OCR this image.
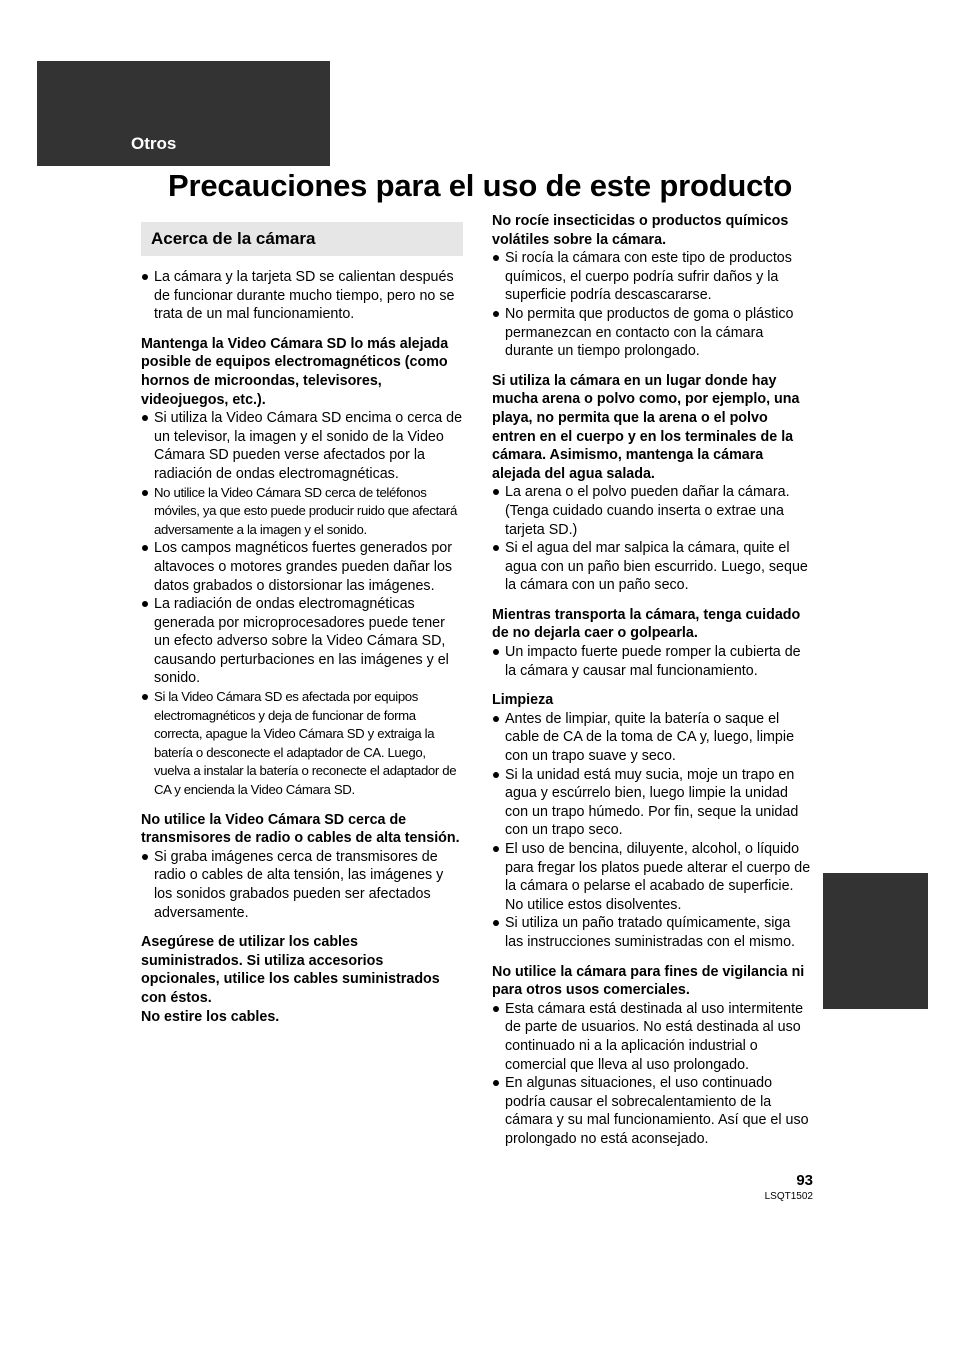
Otros
Precauciones para el uso de este producto
Acerca de la cámara
La cámara y la tarjeta SD se calientan después de funcionar durante mucho tiempo, pero no se trata de un mal funcionamiento.

Mantenga la Video Cámara SD lo más alejada posible de equipos electromagnéticos (como hornos de microondas, televisores, videojuegos, etc.).

Si utiliza la Video Cámara SD encima o cerca de un televisor, la imagen y el sonido de la Video Cámara SD pueden verse afectados por la radiación de ondas electromagnéticas.
No utilice la Video Cámara SD cerca de teléfonos móviles, ya que esto puede producir ruido que afectará adversamente a la imagen y el sonido.
Los campos magnéticos fuertes generados por altavoces o motores grandes pueden dañar los datos grabados o distorsionar las imágenes.
La radiación de ondas electromagnéticas generada por microprocesadores puede tener un efecto adverso sobre la Video Cámara SD, causando perturbaciones en las imágenes y el sonido.
Si la Video Cámara SD es afectada por equipos electromagnéticos y deja de funcionar de forma correcta, apague la Video Cámara SD y extraiga la batería o desconecte el adaptador de CA. Luego, vuelva a instalar la batería o reconecte el adaptador de CA y encienda la Video Cámara SD.

No utilice la Video Cámara SD cerca de transmisores de radio o cables de alta tensión.

Si graba imágenes cerca de transmisores de radio o cables de alta tensión, las imágenes y los sonidos grabados pueden ser afectados adversamente.

Asegúrese de utilizar los cables suministrados. Si utiliza accesorios opcionales, utilice los cables suministrados con éstos.

No estire los cables.

No rocíe insecticidas o productos químicos volátiles sobre la cámara.

Si rocía la cámara con este tipo de productos químicos, el cuerpo podría sufrir daños y la superficie podría descascararse.
No permita que productos de goma o plástico permanezcan en contacto con la cámara durante un tiempo prolongado.

Si utiliza la cámara en un lugar donde hay mucha arena o polvo como, por ejemplo, una playa, no permita que la arena o el polvo entren en el cuerpo y en los terminales de la cámara. Asimismo, mantenga la cámara alejada del agua salada.

La arena o el polvo pueden dañar la cámara. (Tenga cuidado cuando inserta o extrae una tarjeta SD.)
Si el agua del mar salpica la cámara, quite el agua con un paño bien escurrido. Luego, seque la cámara con un paño seco.

Mientras transporta la cámara, tenga cuidado de no dejarla caer o golpearla.

Un impacto fuerte puede romper la cubierta de la cámara y causar mal funcionamiento.

Limpieza

Antes de limpiar, quite la batería o saque el cable de CA de la toma de CA y, luego, limpie con un trapo suave y seco.
Si la unidad está muy sucia, moje un trapo en agua y escúrrelo bien, luego limpie la unidad con un trapo húmedo. Por fin, seque la unidad con un trapo seco.
El uso de bencina, diluyente, alcohol, o líquido para fregar los platos puede alterar el cuerpo de la cámara o pelarse el acabado de superficie. No utilice estos disolventes.
Si utiliza un paño tratado químicamente, siga las instrucciones suministradas con el mismo.

No utilice la cámara para fines de vigilancia ni para otros usos comerciales.

Esta cámara está destinada al uso intermitente de parte de usuarios. No está destinada al uso continuado ni a la aplicación industrial o comercial que lleva al uso prolongado.
En algunas situaciones, el uso continuado podría causar el sobrecalentamiento de la cámara y su mal funcionamiento. Así que el uso prolongado no está aconsejado.
93
LSQT1502
